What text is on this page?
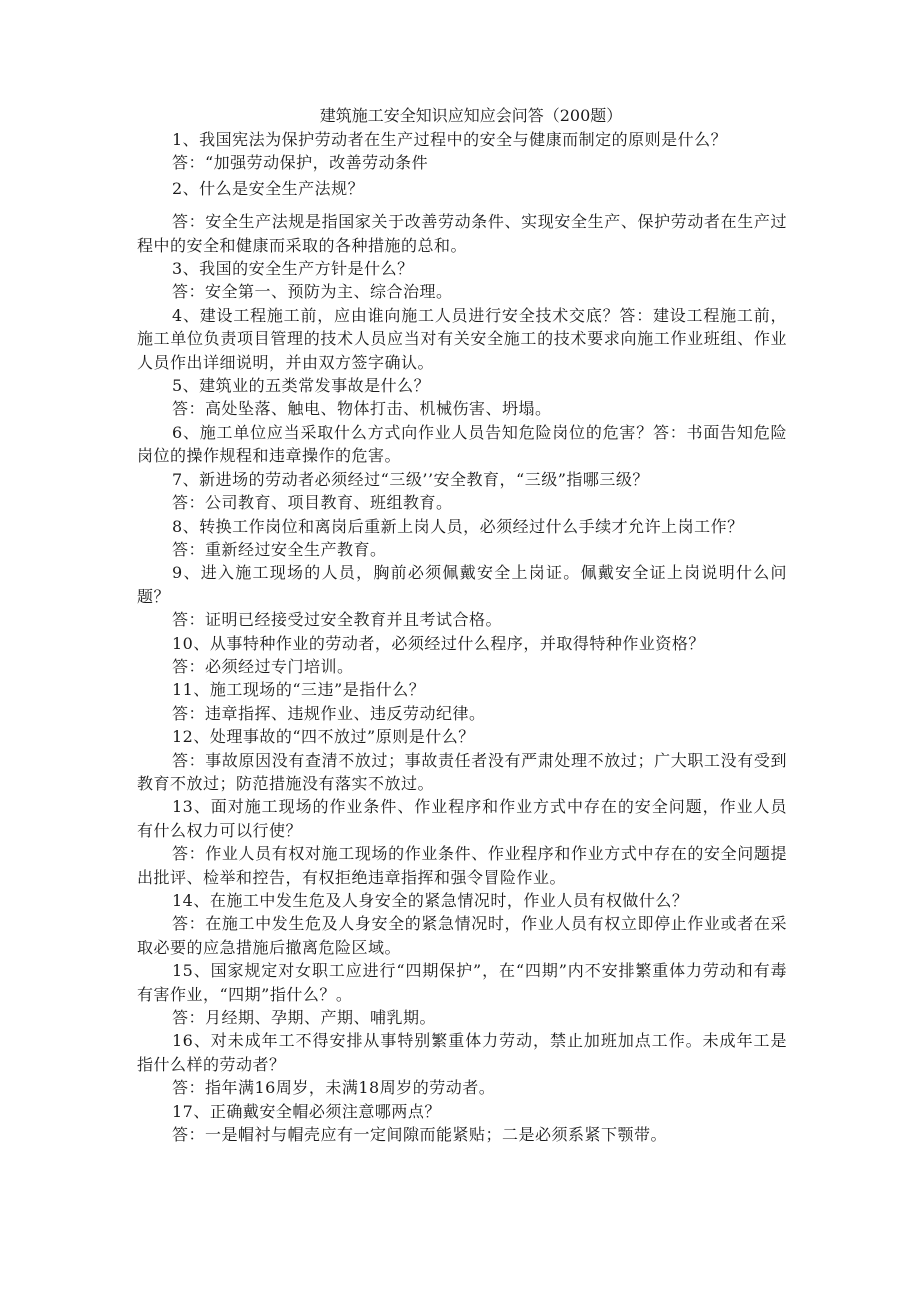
建筑施工安全知识应知应会问答（200题）

1、我国宪法为保护劳动者在生产过程中的安全与健康而制定的原则是什么？

答：“加强劳动保护，改善劳动条件

2、什么是安全生产法规？

答：安全生产法规是指国家关于改善劳动条件、实现安全生产、保护劳动者在生产过程中的安全和健康而采取的各种措施的总和。

3、我国的安全生产方针是什么？

答：安全第一、预防为主、综合治理。

4、建设工程施工前，应由谁向施工人员进行安全技术交底？答：建设工程施工前，施工单位负责项目管理的技术人员应当对有关安全施工的技术要求向施工作业班组、作业人员作出详细说明，并由双方签字确认。

5、建筑业的五类常发事故是什么？

答：高处坠落、触电、物体打击、机械伤害、坍塌。

6、施工单位应当采取什么方式向作业人员告知危险岗位的危害？答：书面告知危险岗位的操作规程和违章操作的危害。

7、新进场的劳动者必须经过“三级’’安全教育，“三级”指哪三级？

答：公司教育、项目教育、班组教育。

8、转换工作岗位和离岗后重新上岗人员，必须经过什么手续才允许上岗工作？

答：重新经过安全生产教育。

9、进入施工现场的人员，胸前必须佩戴安全上岗证。佩戴安全证上岗说明什么问题？

答：证明已经接受过安全教育并且考试合格。

10、从事特种作业的劳动者，必须经过什么程序，并取得特种作业资格？

答：必须经过专门培训。

11、施工现场的“三违”是指什么？

答：违章指挥、违规作业、违反劳动纪律。

12、处理事故的“四不放过”原则是什么？

答：事故原因没有查清不放过；事故责任者没有严肃处理不放过；广大职工没有受到教育不放过；防范措施没有落实不放过。

13、面对施工现场的作业条件、作业程序和作业方式中存在的安全问题，作业人员有什么权力可以行使？

答：作业人员有权对施工现场的作业条件、作业程序和作业方式中存在的安全问题提出批评、检举和控告，有权拒绝违章指挥和强令冒险作业。

14、在施工中发生危及人身安全的紧急情况时，作业人员有权做什么？

答：在施工中发生危及人身安全的紧急情况时，作业人员有权立即停止作业或者在采取必要的应急措施后撤离危险区域。

15、国家规定对女职工应进行“四期保护”，在“四期”内不安排繁重体力劳动和有毒有害作业，“四期”指什么？。

答：月经期、孕期、产期、哺乳期。

16、对未成年工不得安排从事特别繁重体力劳动，禁止加班加点工作。未成年工是指什么样的劳动者？

答：指年满16周岁，未满18周岁的劳动者。

17、正确戴安全帽必须注意哪两点？

答：一是帽衬与帽壳应有一定间隙而能紧贴；二是必须系紧下颚带。
